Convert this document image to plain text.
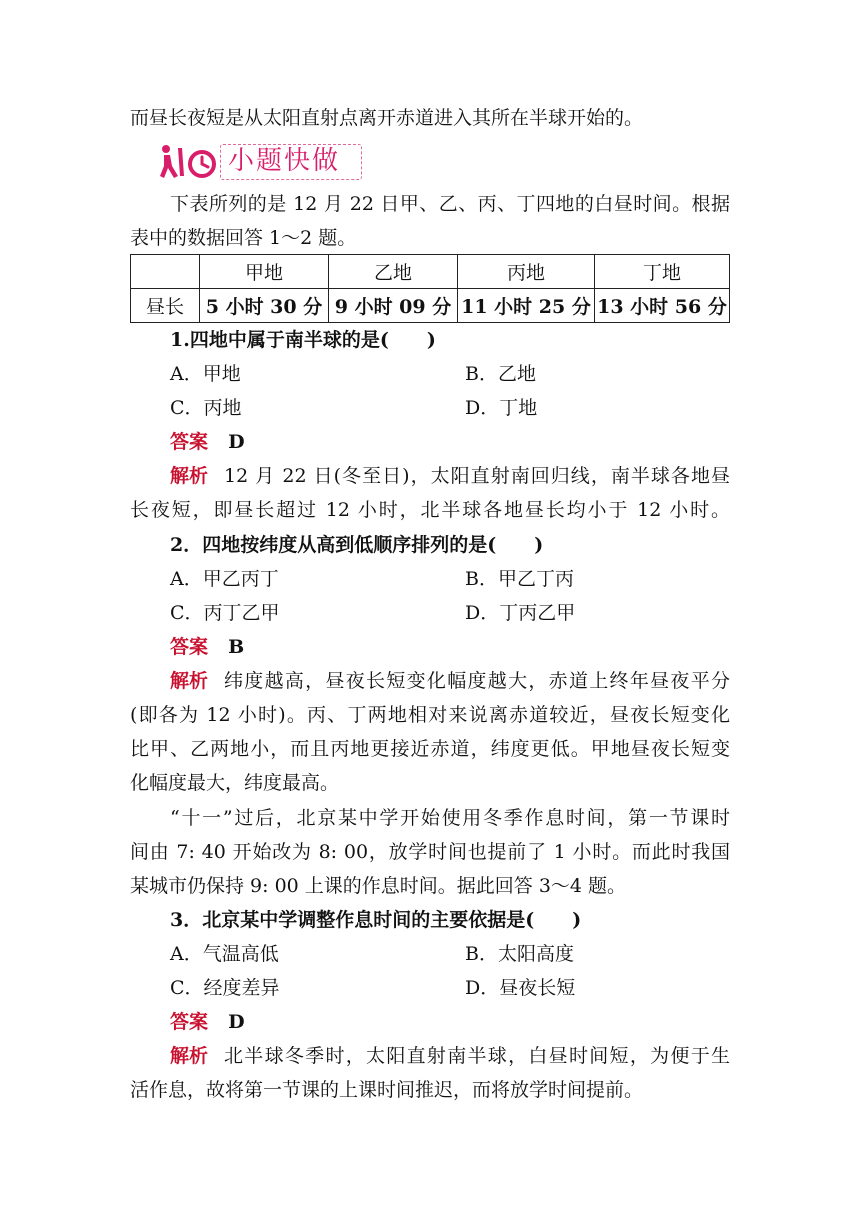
而昼长夜短是从太阳直射点离开赤道进入其所在半球开始的。
小题快做
下表所列的是 12 月 22 日甲、乙、丙、丁四地的白昼时间。根据
表中的数据回答 1～2 题。
	甲地	乙地	丙地	丁地
昼长	5 小时 30 分	9 小时 09 分	11 小时 25 分	13 小时 56 分
1.四地中属于南半球的是(　　)
A．甲地	B．乙地
C．丙地	D．丁地
答案 D
解析 12 月 22 日(冬至日)，太阳直射南回归线，南半球各地昼
长夜短，即昼长超过 12 小时，北半球各地昼长均小于 12 小时。
2．四地按纬度从高到低顺序排列的是(　　)
A．甲乙丙丁	B．甲乙丁丙
C．丙丁乙甲	D．丁丙乙甲
答案 B
解析 纬度越高，昼夜长短变化幅度越大，赤道上终年昼夜平分
(即各为 12 小时)。丙、丁两地相对来说离赤道较近，昼夜长短变化
比甲、乙两地小，而且丙地更接近赤道，纬度更低。甲地昼夜长短变
化幅度最大，纬度最高。
“十一”过后，北京某中学开始使用冬季作息时间，第一节课时
间由 7: 40 开始改为 8: 00，放学时间也提前了 1 小时。而此时我国
某城市仍保持 9: 00 上课的作息时间。据此回答 3～4 题。
3．北京某中学调整作息时间的主要依据是(　　)
A．气温高低	B．太阳高度
C．经度差异	D．昼夜长短
答案 D
解析 北半球冬季时，太阳直射南半球，白昼时间短，为便于生
活作息，故将第一节课的上课时间推迟，而将放学时间提前。
